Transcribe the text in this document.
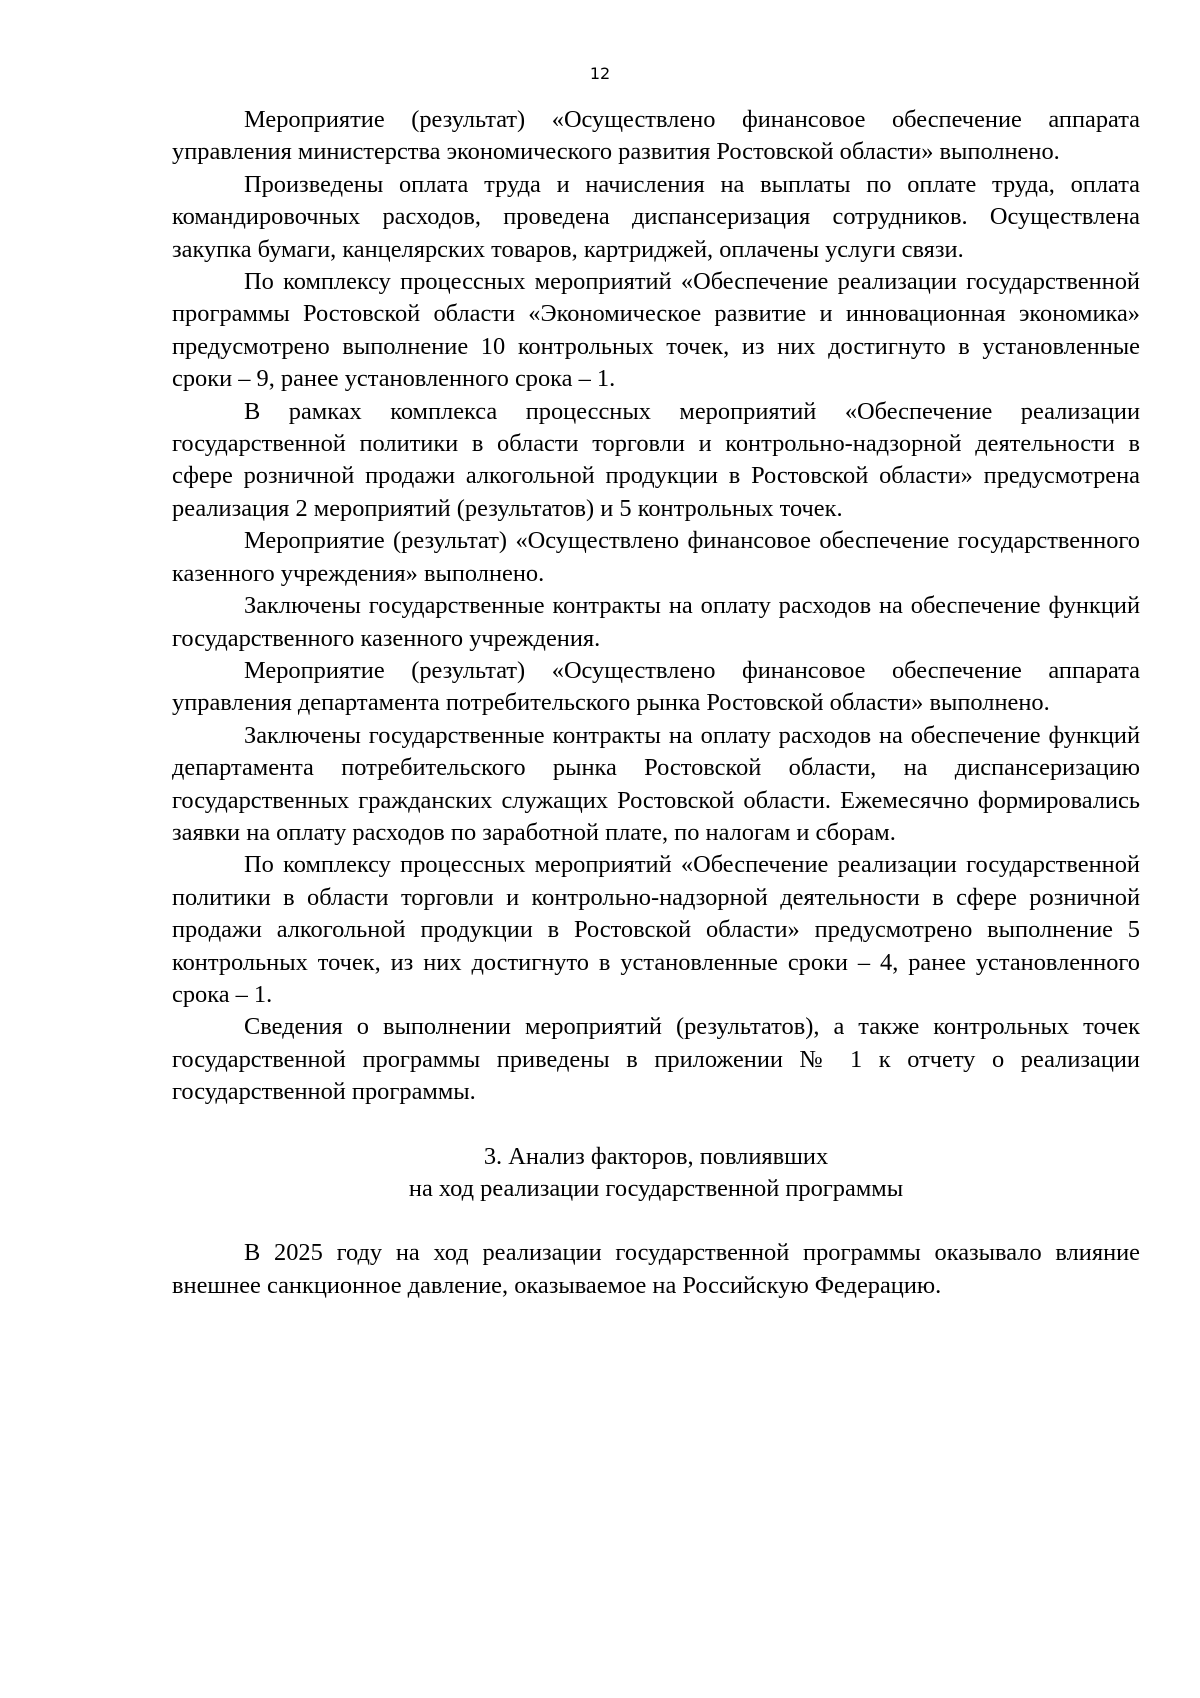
12

Мероприятие (результат) «Осуществлено финансовое обеспечение аппарата управления министерства экономического развития Ростовской области» выполнено.

Произведены оплата труда и начисления на выплаты по оплате труда, оплата командировочных расходов, проведена диспансеризация сотрудников. Осуществлена закупка бумаги, канцелярских товаров, картриджей, оплачены услуги связи.

По комплексу процессных мероприятий «Обеспечение реализации государственной программы Ростовской области «Экономическое развитие и инновационная экономика» предусмотрено выполнение 10 контрольных точек, из них достигнуто в установленные сроки – 9, ранее установленного срока – 1.

В рамках комплекса процессных мероприятий «Обеспечение реализации государственной политики в области торговли и контрольно-надзорной деятельности в сфере розничной продажи алкогольной продукции в Ростовской области» предусмотрена реализация 2 мероприятий (результатов) и 5 контрольных точек.

Мероприятие (результат) «Осуществлено финансовое обеспечение государственного казенного учреждения» выполнено.

Заключены государственные контракты на оплату расходов на обеспечение функций государственного казенного учреждения.

Мероприятие (результат) «Осуществлено финансовое обеспечение аппарата управления департамента потребительского рынка Ростовской области» выполнено.

Заключены государственные контракты на оплату расходов на обеспечение функций департамента потребительского рынка Ростовской области, на диспансеризацию государственных гражданских служащих Ростовской области. Ежемесячно формировались заявки на оплату расходов по заработной плате, по налогам и сборам.

По комплексу процессных мероприятий «Обеспечение реализации государственной политики в области торговли и контрольно-надзорной деятельности в сфере розничной продажи алкогольной продукции в Ростовской области» предусмотрено выполнение 5 контрольных точек, из них достигнуто в установленные сроки – 4, ранее установленного срока – 1.

Сведения о выполнении мероприятий (результатов), а также контрольных точек государственной программы приведены в приложении № 1 к отчету о реализации государственной программы.

3. Анализ факторов, повлиявших
на ход реализации государственной программы

В 2025 году на ход реализации государственной программы оказывало влияние внешнее санкционное давление, оказываемое на Российскую Федерацию.
